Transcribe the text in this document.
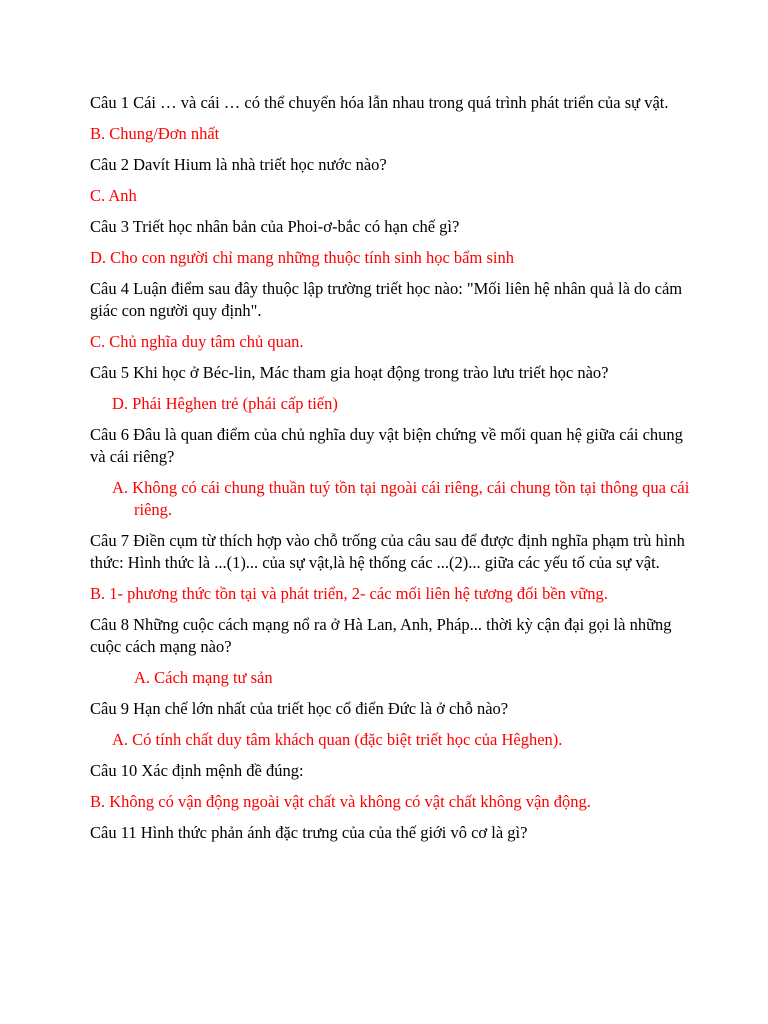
Câu 1 Cái … và cái … có thể chuyển hóa lẫn nhau trong quá trình phát triển của sự vật.

B. Chung/Đơn nhất

Câu 2 Davít Hium là nhà triết học nước nào?

C. Anh

Câu 3 Triết học nhân bản của Phoi-ơ-bắc có hạn chế gì?

D. Cho con người chỉ mang những thuộc tính sinh học bẩm sinh

Câu 4 Luận điểm sau đây thuộc lập trường triết học nào: "Mối liên hệ nhân quả là do cảm giác con người quy định".

C. Chủ nghĩa duy tâm chủ quan.

Câu 5 Khi học ở Béc-lin, Mác tham gia hoạt động trong trào lưu triết học nào?

D. Phái Hêghen trẻ (phái cấp tiến)

Câu 6 Đâu là quan điểm của chủ nghĩa duy vật biện chứng về mối quan hệ giữa cái chung và cái riêng?

A. Không có cái chung thuần tuý tồn tại ngoài cái riêng, cái chung tồn tại thông qua cái riêng.

Câu 7 Điền cụm từ thích hợp vào chỗ trống của câu sau để được định nghĩa phạm trù hình thức: Hình thức là ...(1)... của sự vật,là hệ thống các ...(2)... giữa các yếu tố của sự vật.

B. 1- phương thức tồn tại và phát triển, 2- các mối liên hệ tương đối bền vững.

Câu 8 Những cuộc cách mạng nổ ra ở Hà Lan, Anh, Pháp... thời kỳ cận đại gọi là những cuộc cách mạng nào?

A. Cách mạng tư sản

Câu 9 Hạn chế lớn nhất của triết học cổ điển Đức là ở chỗ nào?

A. Có tính chất duy tâm khách quan (đặc biệt triết học của Hêghen).

Câu 10 Xác định mệnh đề đúng:

B. Không có vận động ngoài vật chất và không có vật chất không vận động.

Câu 11 Hình thức phản ánh đặc trưng của của thế giới vô cơ là gì?
